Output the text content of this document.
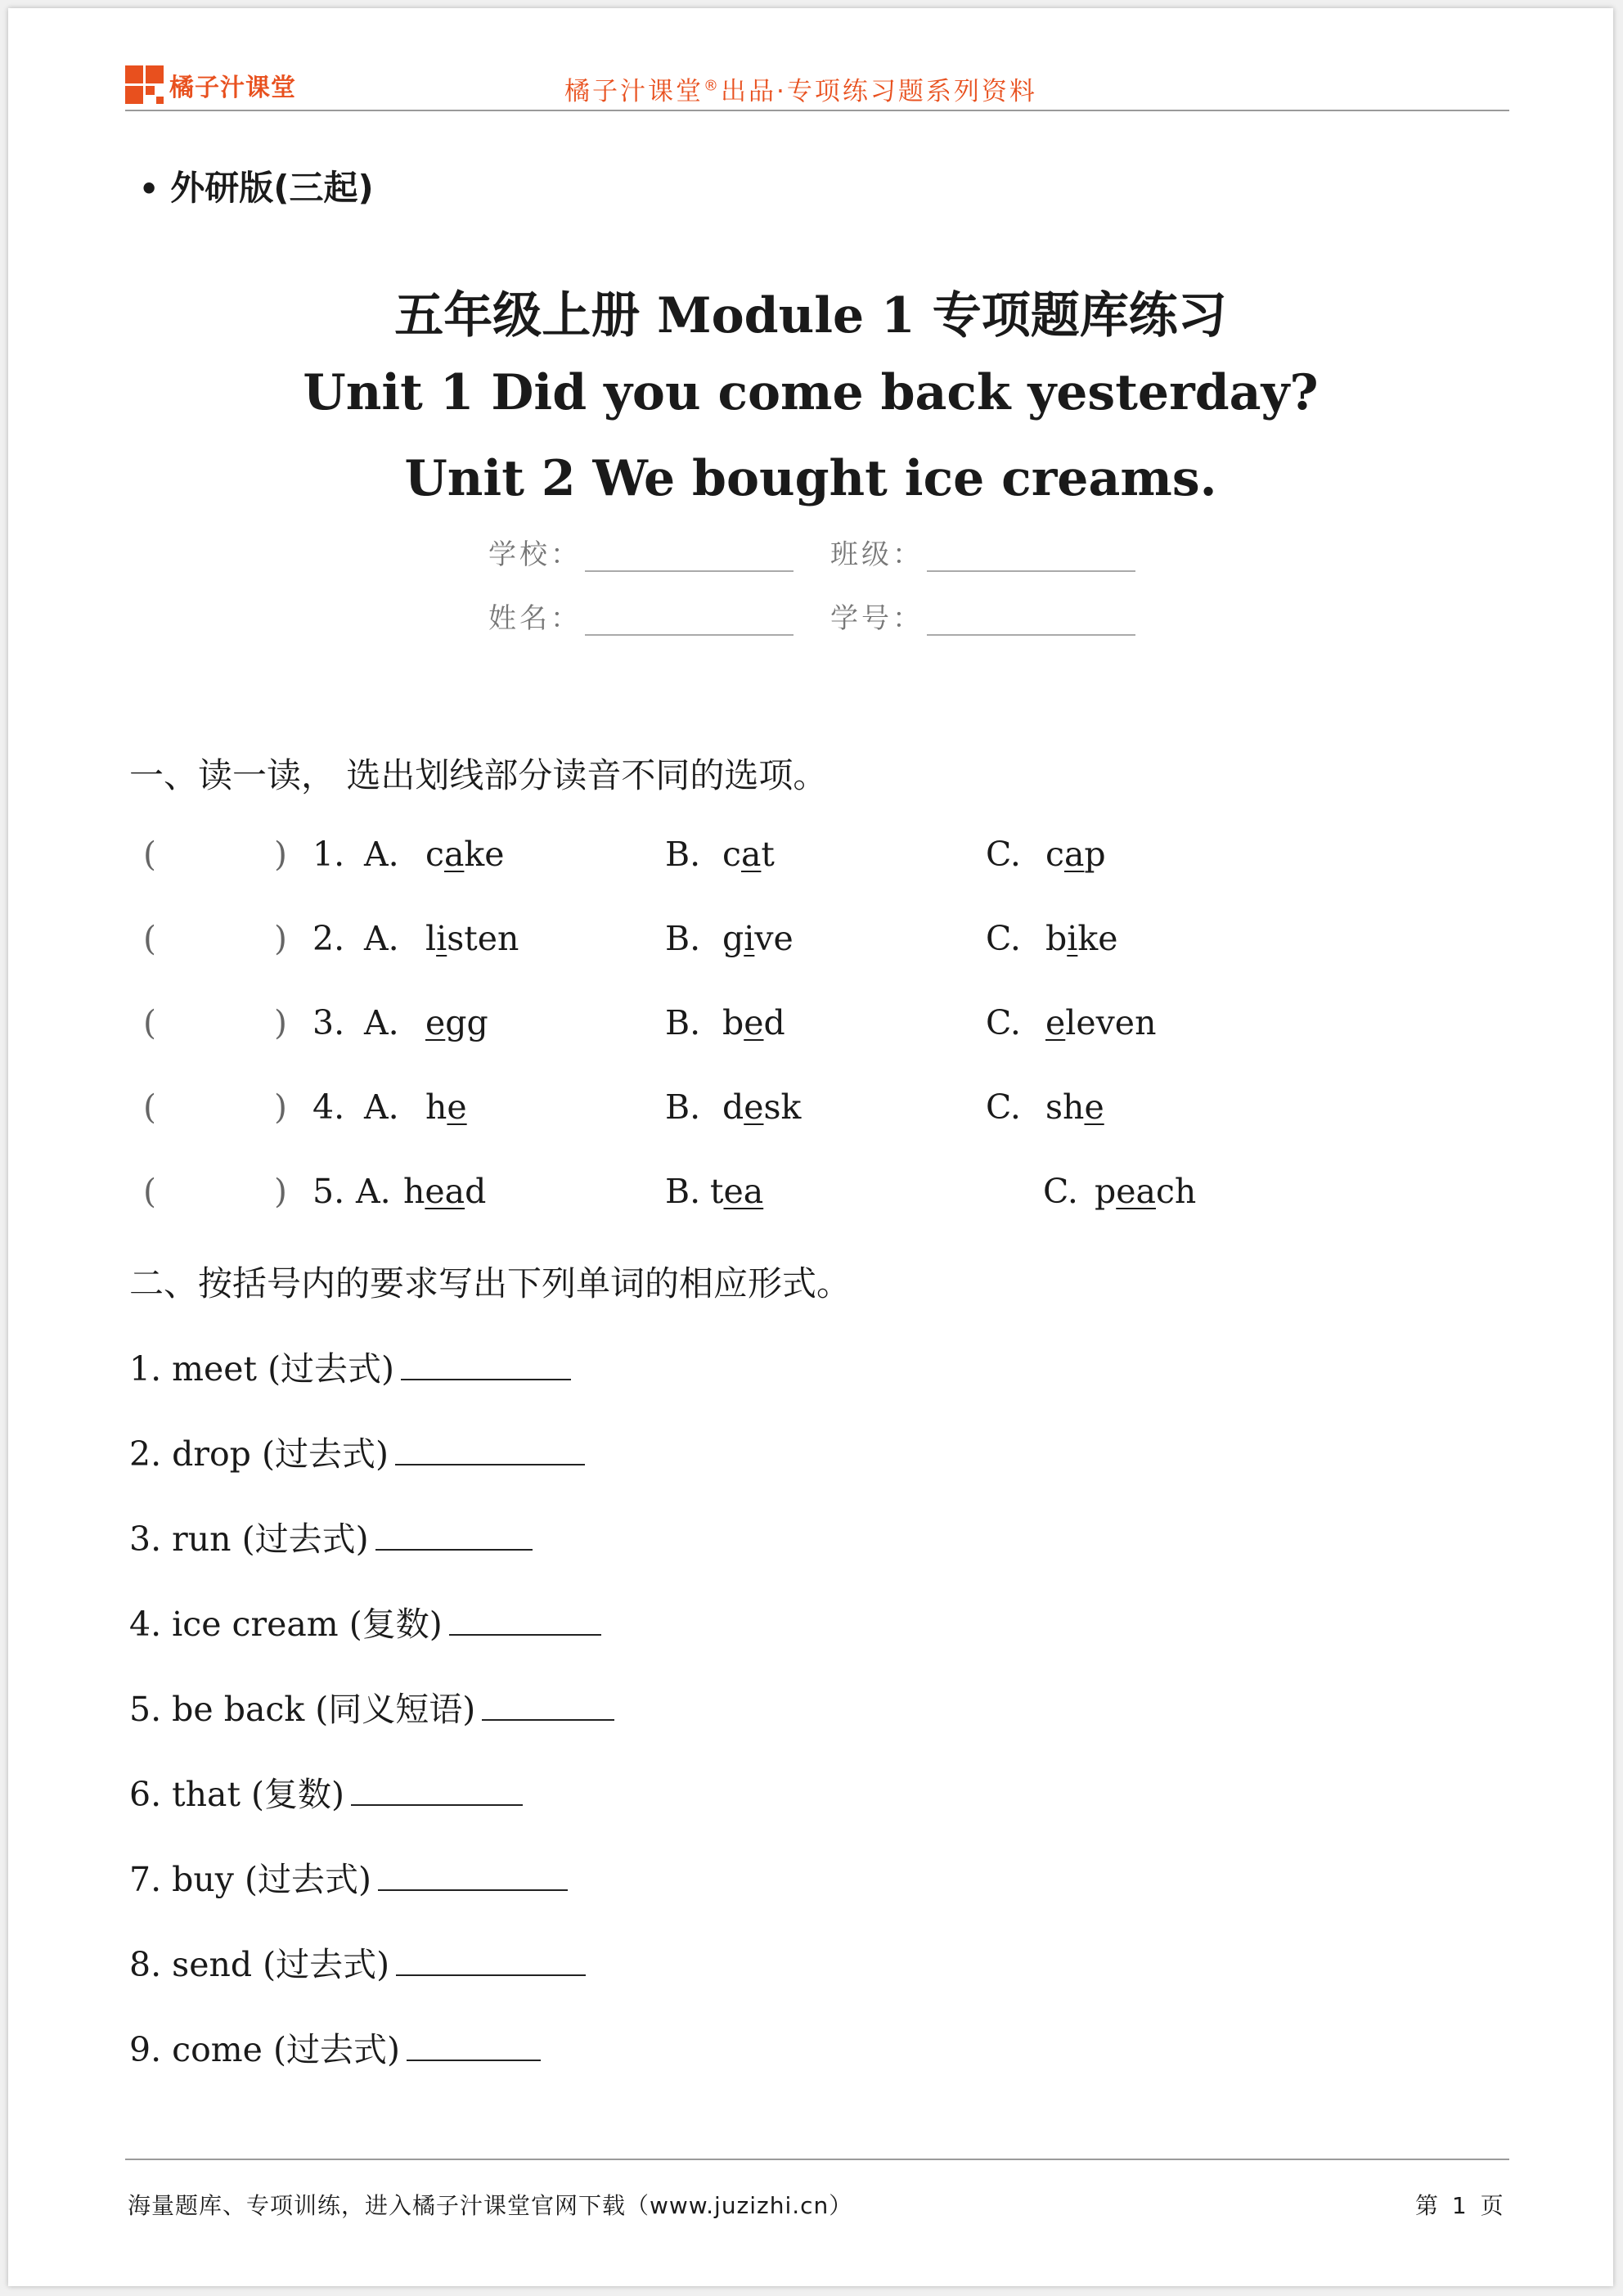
橘子汁课堂	橘子汁课堂®出品·专项练习题系列资料
• 外研版(三起)
五年级上册 Module 1 专项题库练习
Unit 1 Did you come back yesterday?
Unit 2 We bought ice creams.
学校：	班级：
姓名：	学号：
一、读一读， 选出划线部分读音不同的选项。
(	) 1. A. cake	B. cat	C. cap
(	) 2. A. listen	B. give	C. bike
(	) 3. A. egg	B. bed	C. eleven
(	) 4. A. he	B. desk	C. she
(	) 5. A. head	B. tea	C. peach
二、按括号内的要求写出下列单词的相应形式。
1. meet (过去式)
2. drop (过去式)
3. run (过去式)
4. ice cream (复数)
5. be back (同义短语)
6. that (复数)
7. buy (过去式)
8. send (过去式)
9. come (过去式)
海量题库、专项训练，进入橘子汁课堂官网下载（www.juzizhi.cn）	第 1 页
